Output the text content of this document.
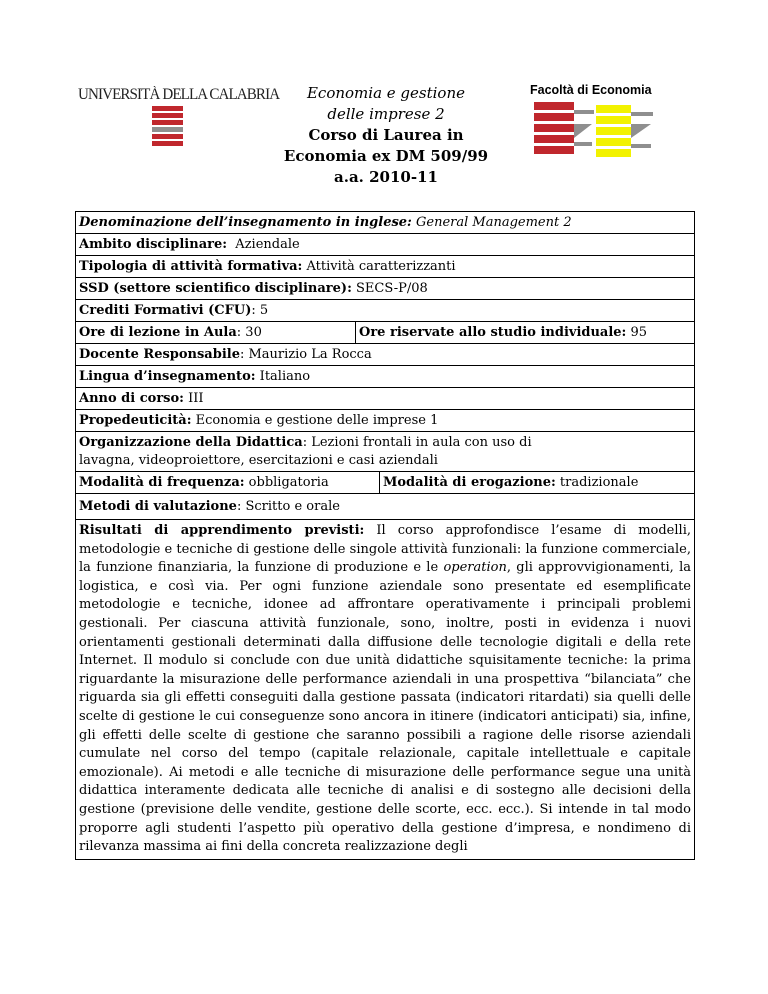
UNIVERSITÀ DELLA CALABRIA	Economia e gestione
delle imprese 2
Corso di Laurea in
Economia ex DM 509/99
a.a. 2010-11
Facoltà di Economia
Denominazione dell’insegnamento in inglese: General Management 2
Ambito disciplinare:  Aziendale
Tipologia di attività formativa: Attività caratterizzanti
SSD (settore scientifico disciplinare): SECS-P/08
Crediti Formativi (CFU): 5
Ore di lezione in Aula: 30	Ore riservate allo studio individuale: 95
Docente Responsabile: Maurizio La Rocca
Lingua d’insegnamento: Italiano
Anno di corso: III
Propedeuticità: Economia e gestione delle imprese 1
Organizzazione della Didattica: Lezioni frontali in aula con uso di lavagna, videoproiettore, esercitazioni e casi aziendali
Modalità di frequenza: obbligatoria	Modalità di erogazione: tradizionale
Metodi di valutazione: Scritto e orale
Risultati di apprendimento previsti: Il corso approfondisce l’esame di modelli, metodologie e tecniche di gestione delle singole attività funzionali: la funzione commerciale, la funzione finanziaria, la funzione di produzione e le operation, gli approvvigionamenti, la logistica, e così via. Per ogni funzione aziendale sono presentate ed esemplificate metodologie e tecniche, idonee ad affrontare operativamente i principali problemi gestionali. Per ciascuna attività funzionale, sono, inoltre, posti in evidenza i nuovi orientamenti gestionali determinati dalla diffusione delle tecnologie digitali e della rete Internet. Il modulo si conclude con due unità didattiche squisitamente tecniche: la prima riguardante la misurazione delle performance aziendali in una prospettiva “bilanciata” che riguarda sia gli effetti conseguiti dalla gestione passata (indicatori ritardati) sia quelli delle scelte di gestione le cui conseguenze sono ancora in itinere (indicatori anticipati) sia, infine, gli effetti delle scelte di gestione che saranno possibili a ragione delle risorse aziendali cumulate nel corso del tempo (capitale relazionale, capitale intellettuale e capitale emozionale). Ai metodi e alle tecniche di misurazione delle performance segue una unità didattica interamente dedicata alle tecniche di analisi e di sostegno alle decisioni della gestione (previsione delle vendite, gestione delle scorte, ecc. ecc.). Si intende in tal modo proporre agli studenti l’aspetto più operativo della gestione d’impresa, e nondimeno di rilevanza massima ai fini della concreta realizzazione degli
